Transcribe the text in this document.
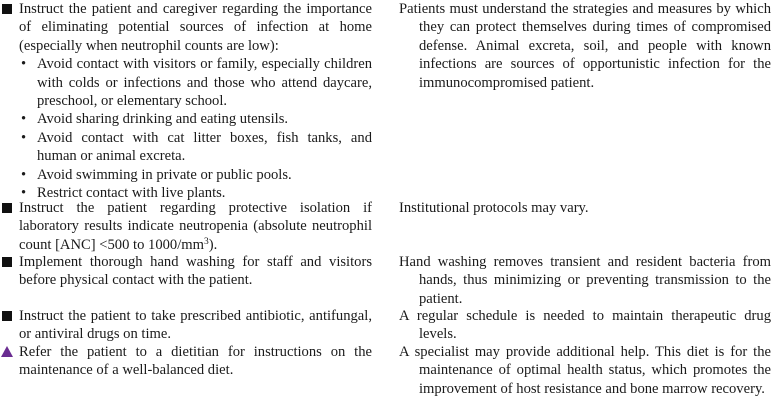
Instruct the patient and caregiver regarding the importance of eliminating potential sources of infection at home (especially when neutrophil counts are low):
• Avoid contact with visitors or family, especially children with colds or infections and those who attend daycare, preschool, or elementary school.
• Avoid sharing drinking and eating utensils.
• Avoid contact with cat litter boxes, fish tanks, and human or animal excreta.
• Avoid swimming in private or public pools.
• Restrict contact with live plants.
Patients must understand the strategies and measures by which they can protect themselves during times of compromised defense. Animal excreta, soil, and people with known infections are sources of opportunistic infection for the immunocompromised patient.
Instruct the patient regarding protective isolation if laboratory results indicate neutropenia (absolute neutrophil count [ANC] <500 to $1000/mm^3$).
Institutional protocols may vary.
Implement thorough hand washing for staff and visitors before physical contact with the patient.
Hand washing removes transient and resident bacteria from hands, thus minimizing or preventing transmission to the patient.
Instruct the patient to take prescribed antibiotic, antifungal, or antiviral drugs on time.
A regular schedule is needed to maintain therapeutic drug levels.
Refer the patient to a dietitian for instructions on the maintenance of a well-balanced diet.
A specialist may provide additional help. This diet is for the maintenance of optimal health status, which promotes the improvement of host resistance and bone marrow recovery.
